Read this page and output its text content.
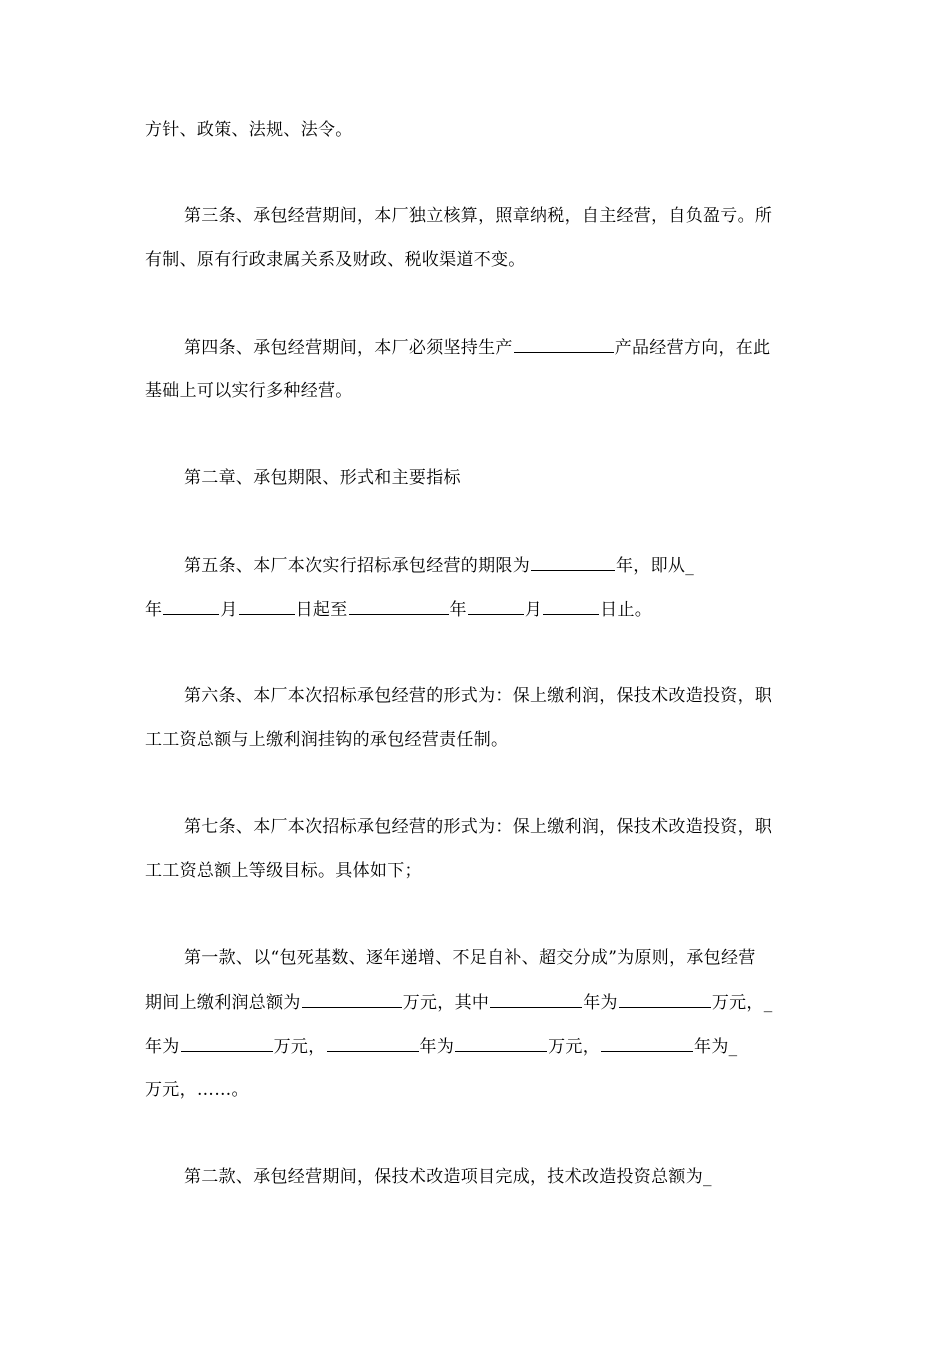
方针、政策、法规、法令。
第三条、承包经营期间，本厂独立核算，照章纳税，自主经营，自负盈亏。所
有制、原有行政隶属关系及财政、税收渠道不变。
第四条、承包经营期间，本厂必须坚持生产	产品经营方向，在此
基础上可以实行多种经营。
第二章、承包期限、形式和主要指标
第五条、本厂本次实行招标承包经营的期限为	年，即从_
年	月	日起至	年	月	日止。
第六条、本厂本次招标承包经营的形式为：保上缴利润，保技术改造投资，职
工工资总额与上缴利润挂钩的承包经营责任制。
第七条、本厂本次招标承包经营的形式为：保上缴利润，保技术改造投资，职
工工资总额上等级目标。具体如下；
第一款、以“包死基数、逐年递增、不足自补、超交分成”为原则，承包经营
期间上缴利润总额为	万元，其中	年为	万元，_
年为	万元，	年为	万元，	年为_
万元，……。
第二款、承包经营期间，保技术改造项目完成，技术改造投资总额为_
